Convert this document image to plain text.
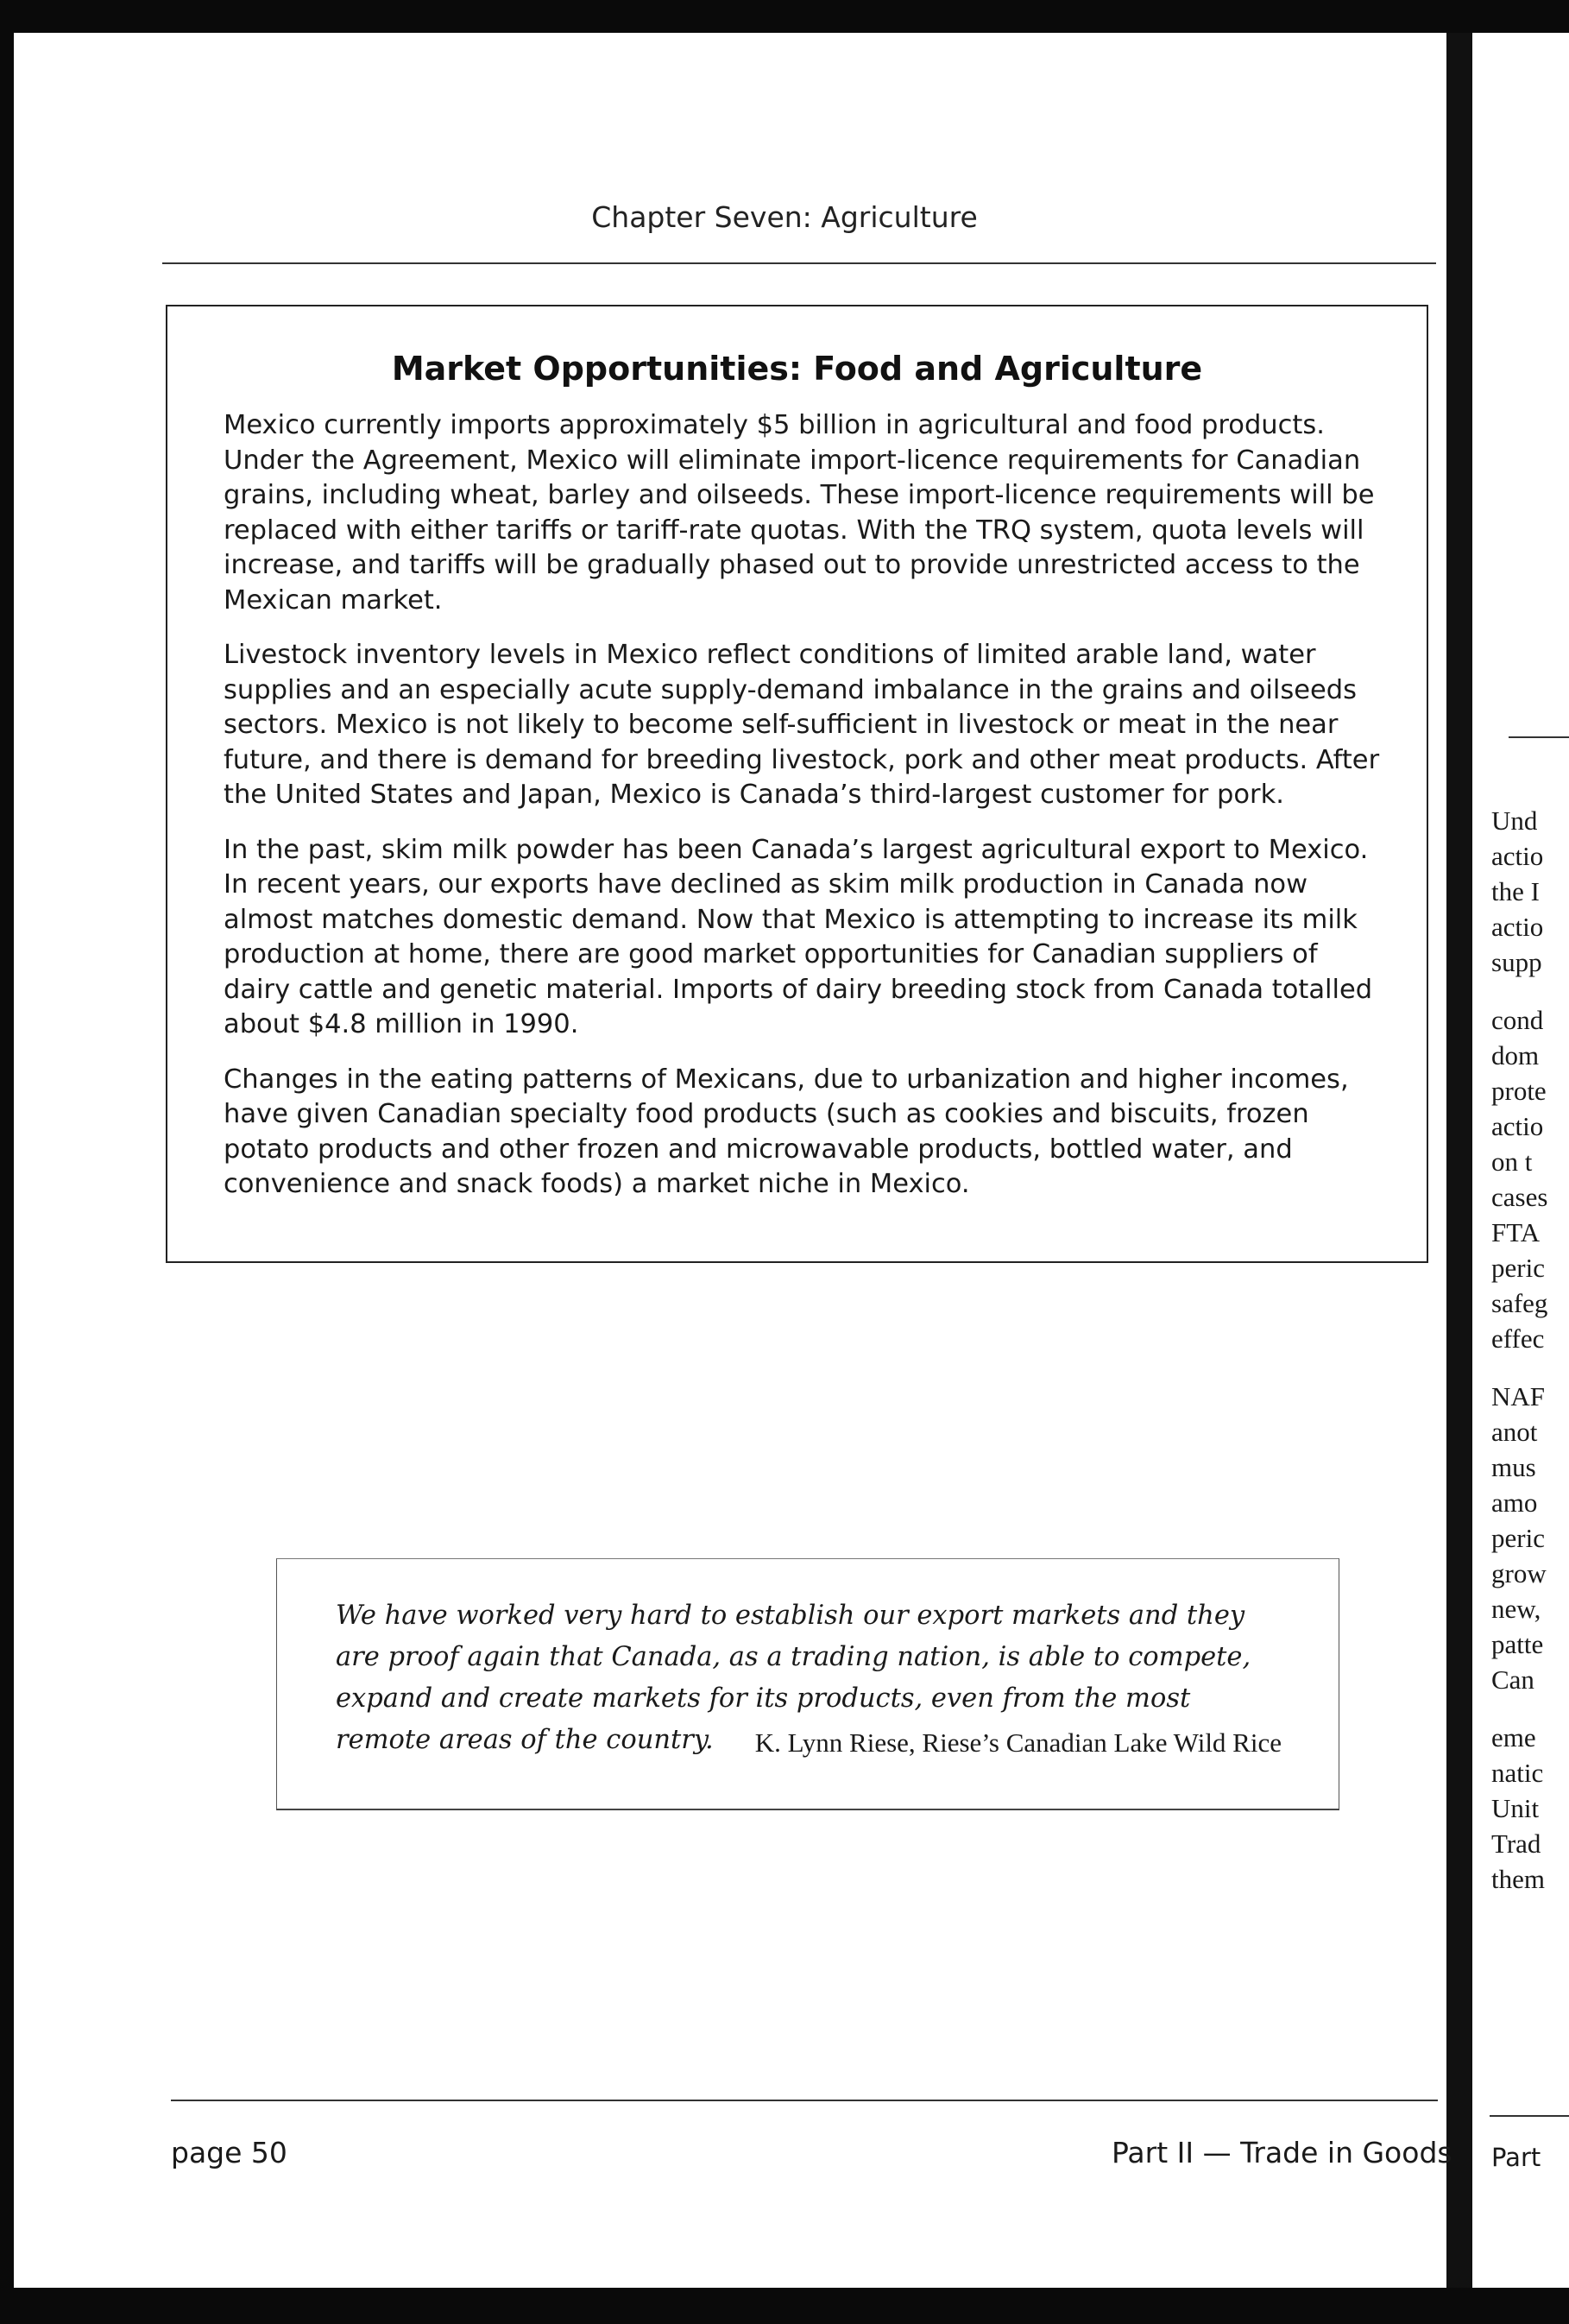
Und
actio
the I
actio
supp
cond
dom
prote
actio
on t
cases
FTA
peric
safeg
effec
NAF
anot
mus
amo
peric
grow
new,
patte
Can
eme
natic
Unit
Trad
them
Part
Chapter Seven: Agriculture
Market Opportunities: Food and Agriculture

Mexico currently imports approximately $5 billion in agricultural and food products. Under the Agreement, Mexico will eliminate import-licence requirements for Canadian grains, including wheat, barley and oilseeds. These import-licence requirements will be replaced with either tariffs or tariff-rate quotas. With the TRQ system, quota levels will increase, and tariffs will be gradually phased out to provide unrestricted access to the Mexican market.

Livestock inventory levels in Mexico reflect conditions of limited arable land, water supplies and an especially acute supply-demand imbalance in the grains and oilseeds sectors. Mexico is not likely to become self-sufficient in livestock or meat in the near future, and there is demand for breeding livestock, pork and other meat products. After the United States and Japan, Mexico is Canada’s third-largest customer for pork.

In the past, skim milk powder has been Canada’s largest agricultural export to Mexico. In recent years, our exports have declined as skim milk production in Canada now almost matches domestic demand. Now that Mexico is attempting to increase its milk production at home, there are good market opportunities for Canadian suppliers of dairy cattle and genetic material. Imports of dairy breeding stock from Canada totalled about $4.8 million in 1990.

Changes in the eating patterns of Mexicans, due to urbanization and higher incomes, have given Canadian specialty food products (such as cookies and biscuits, frozen potato products and other frozen and microwavable products, bottled water, and convenience and snack foods) a market niche in Mexico.

We have worked very hard to establish our export markets and they are proof again that Canada, as a trading nation, is able to compete, expand and create markets for its products, even from the most remote areas of the country.	K. Lynn Riese, Riese’s Canadian Lake Wild Rice
page 50	Part II — Trade in Goods
